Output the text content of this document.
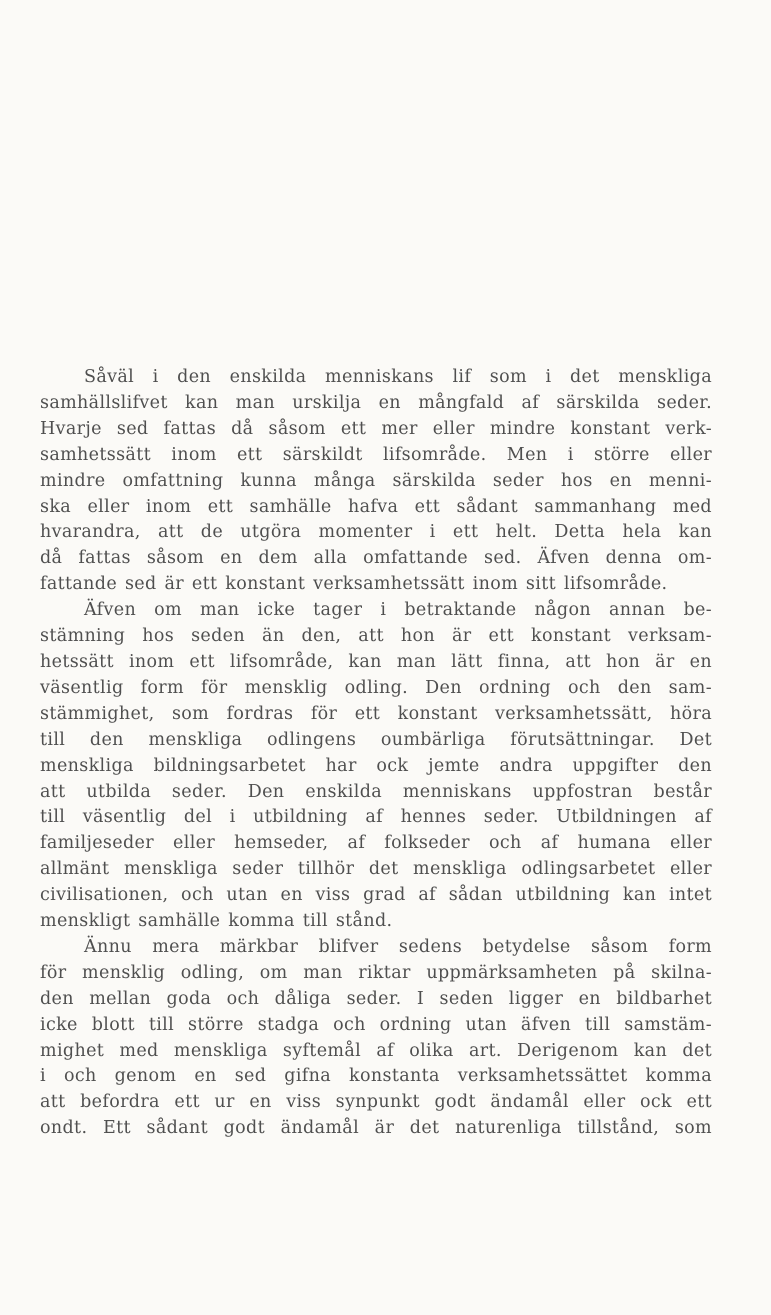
Såväl i den enskilda menniskans lif som i det menskliga
samhällslifvet kan man urskilja en mångfald af särskilda seder.
Hvarje sed fattas då såsom ett mer eller mindre konstant verk-
samhetssätt inom ett särskildt lifsområde. Men i större eller
mindre omfattning kunna många särskilda seder hos en menni-
ska eller inom ett samhälle hafva ett sådant sammanhang med
hvarandra, att de utgöra momenter i ett helt. Detta hela kan
då fattas såsom en dem alla omfattande sed. Äfven denna om-
fattande sed är ett konstant verksamhetssätt inom sitt lifsområde.
Äfven om man icke tager i betraktande någon annan be-
stämning hos seden än den, att hon är ett konstant verksam-
hetssätt inom ett lifsområde, kan man lätt finna, att hon är en
väsentlig form för mensklig odling. Den ordning och den sam-
stämmighet, som fordras för ett konstant verksamhetssätt, höra
till den menskliga odlingens oumbärliga förutsättningar. Det
menskliga bildningsarbetet har ock jemte andra uppgifter den
att utbilda seder. Den enskilda menniskans uppfostran består
till väsentlig del i utbildning af hennes seder. Utbildningen af
familjeseder eller hemseder, af folkseder och af humana eller
allmänt menskliga seder tillhör det menskliga odlingsarbetet eller
civilisationen, och utan en viss grad af sådan utbildning kan intet
menskligt samhälle komma till stånd.
Ännu mera märkbar blifver sedens betydelse såsom form
för mensklig odling, om man riktar uppmärksamheten på skilna-
den mellan goda och dåliga seder. I seden ligger en bildbarhet
icke blott till större stadga och ordning utan äfven till samstäm-
mighet med menskliga syftemål af olika art. Derigenom kan det
i och genom en sed gifna konstanta verksamhetssättet komma
att befordra ett ur en viss synpunkt godt ändamål eller ock ett
ondt. Ett sådant godt ändamål är det naturenliga tillstånd, som
